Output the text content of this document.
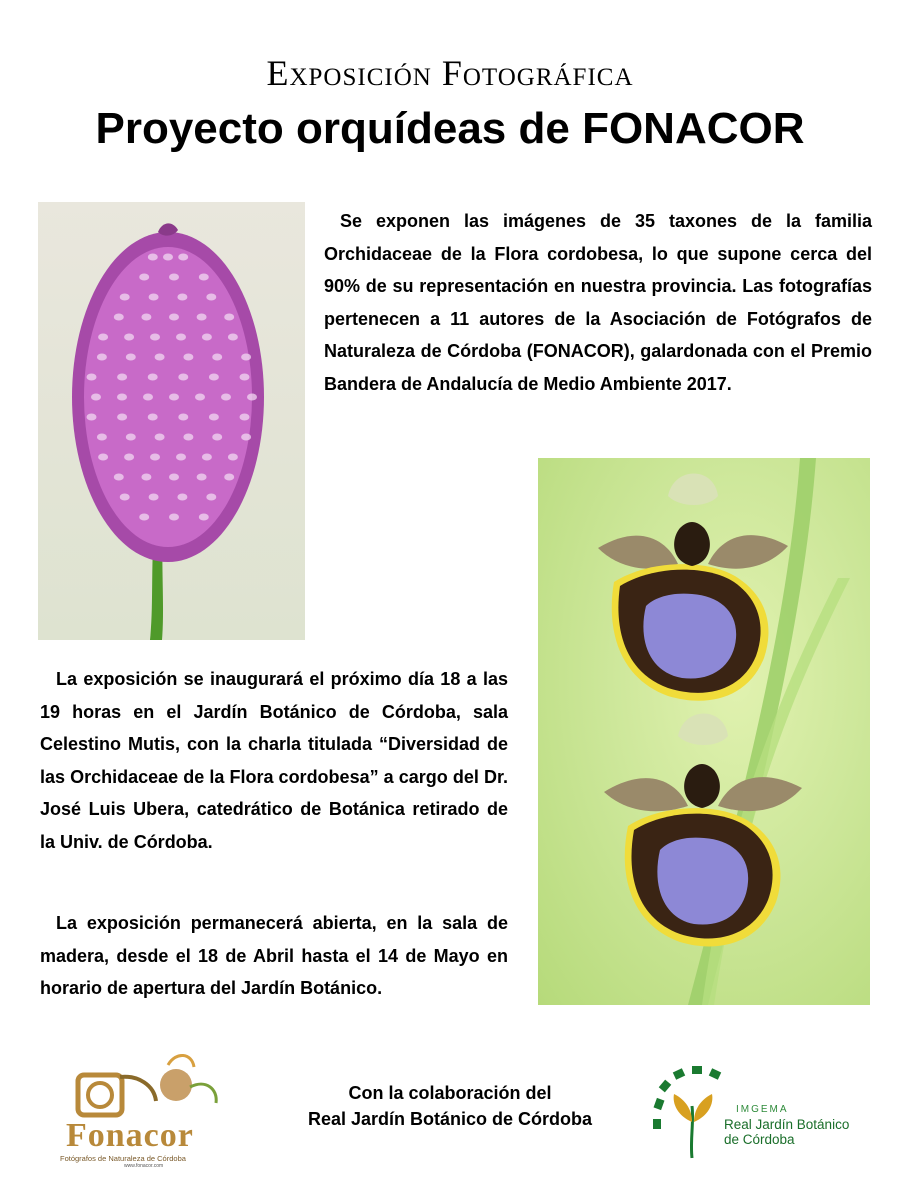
Exposición Fotográfica
Proyecto orquídeas de FONACOR

Se exponen las imágenes de 35 taxones de la familia Orchidaceae de la Flora cordobesa, lo que supone cerca del 90% de su representación en nuestra provincia. Las fotografías pertenecen a 11 autores de la Asociación de Fotógrafos de Naturaleza de Córdoba (FONACOR), galardonada con el Premio Bandera de Andalucía de Medio Ambiente 2017.

La exposición se inaugurará el próximo día 18 a las 19 horas en el Jardín Botánico de Córdoba, sala Celestino Mutis, con la charla titulada “Diversidad de las Orchidaceae de la Flora cordobesa” a cargo del Dr. José Luis Ubera, catedrático de Botánica retirado de la Univ. de Córdoba.

La exposición permanecerá abierta, en la sala de madera, desde el 18 de Abril hasta el 14 de Mayo en horario de apertura del Jardín Botánico.

Con la colaboración del
Real Jardín Botánico de Córdoba
Fonacor
Fotógrafos de Naturaleza de Córdoba
www.fonacor.com
IMGEMA
Real Jardín Botánico de Córdoba
